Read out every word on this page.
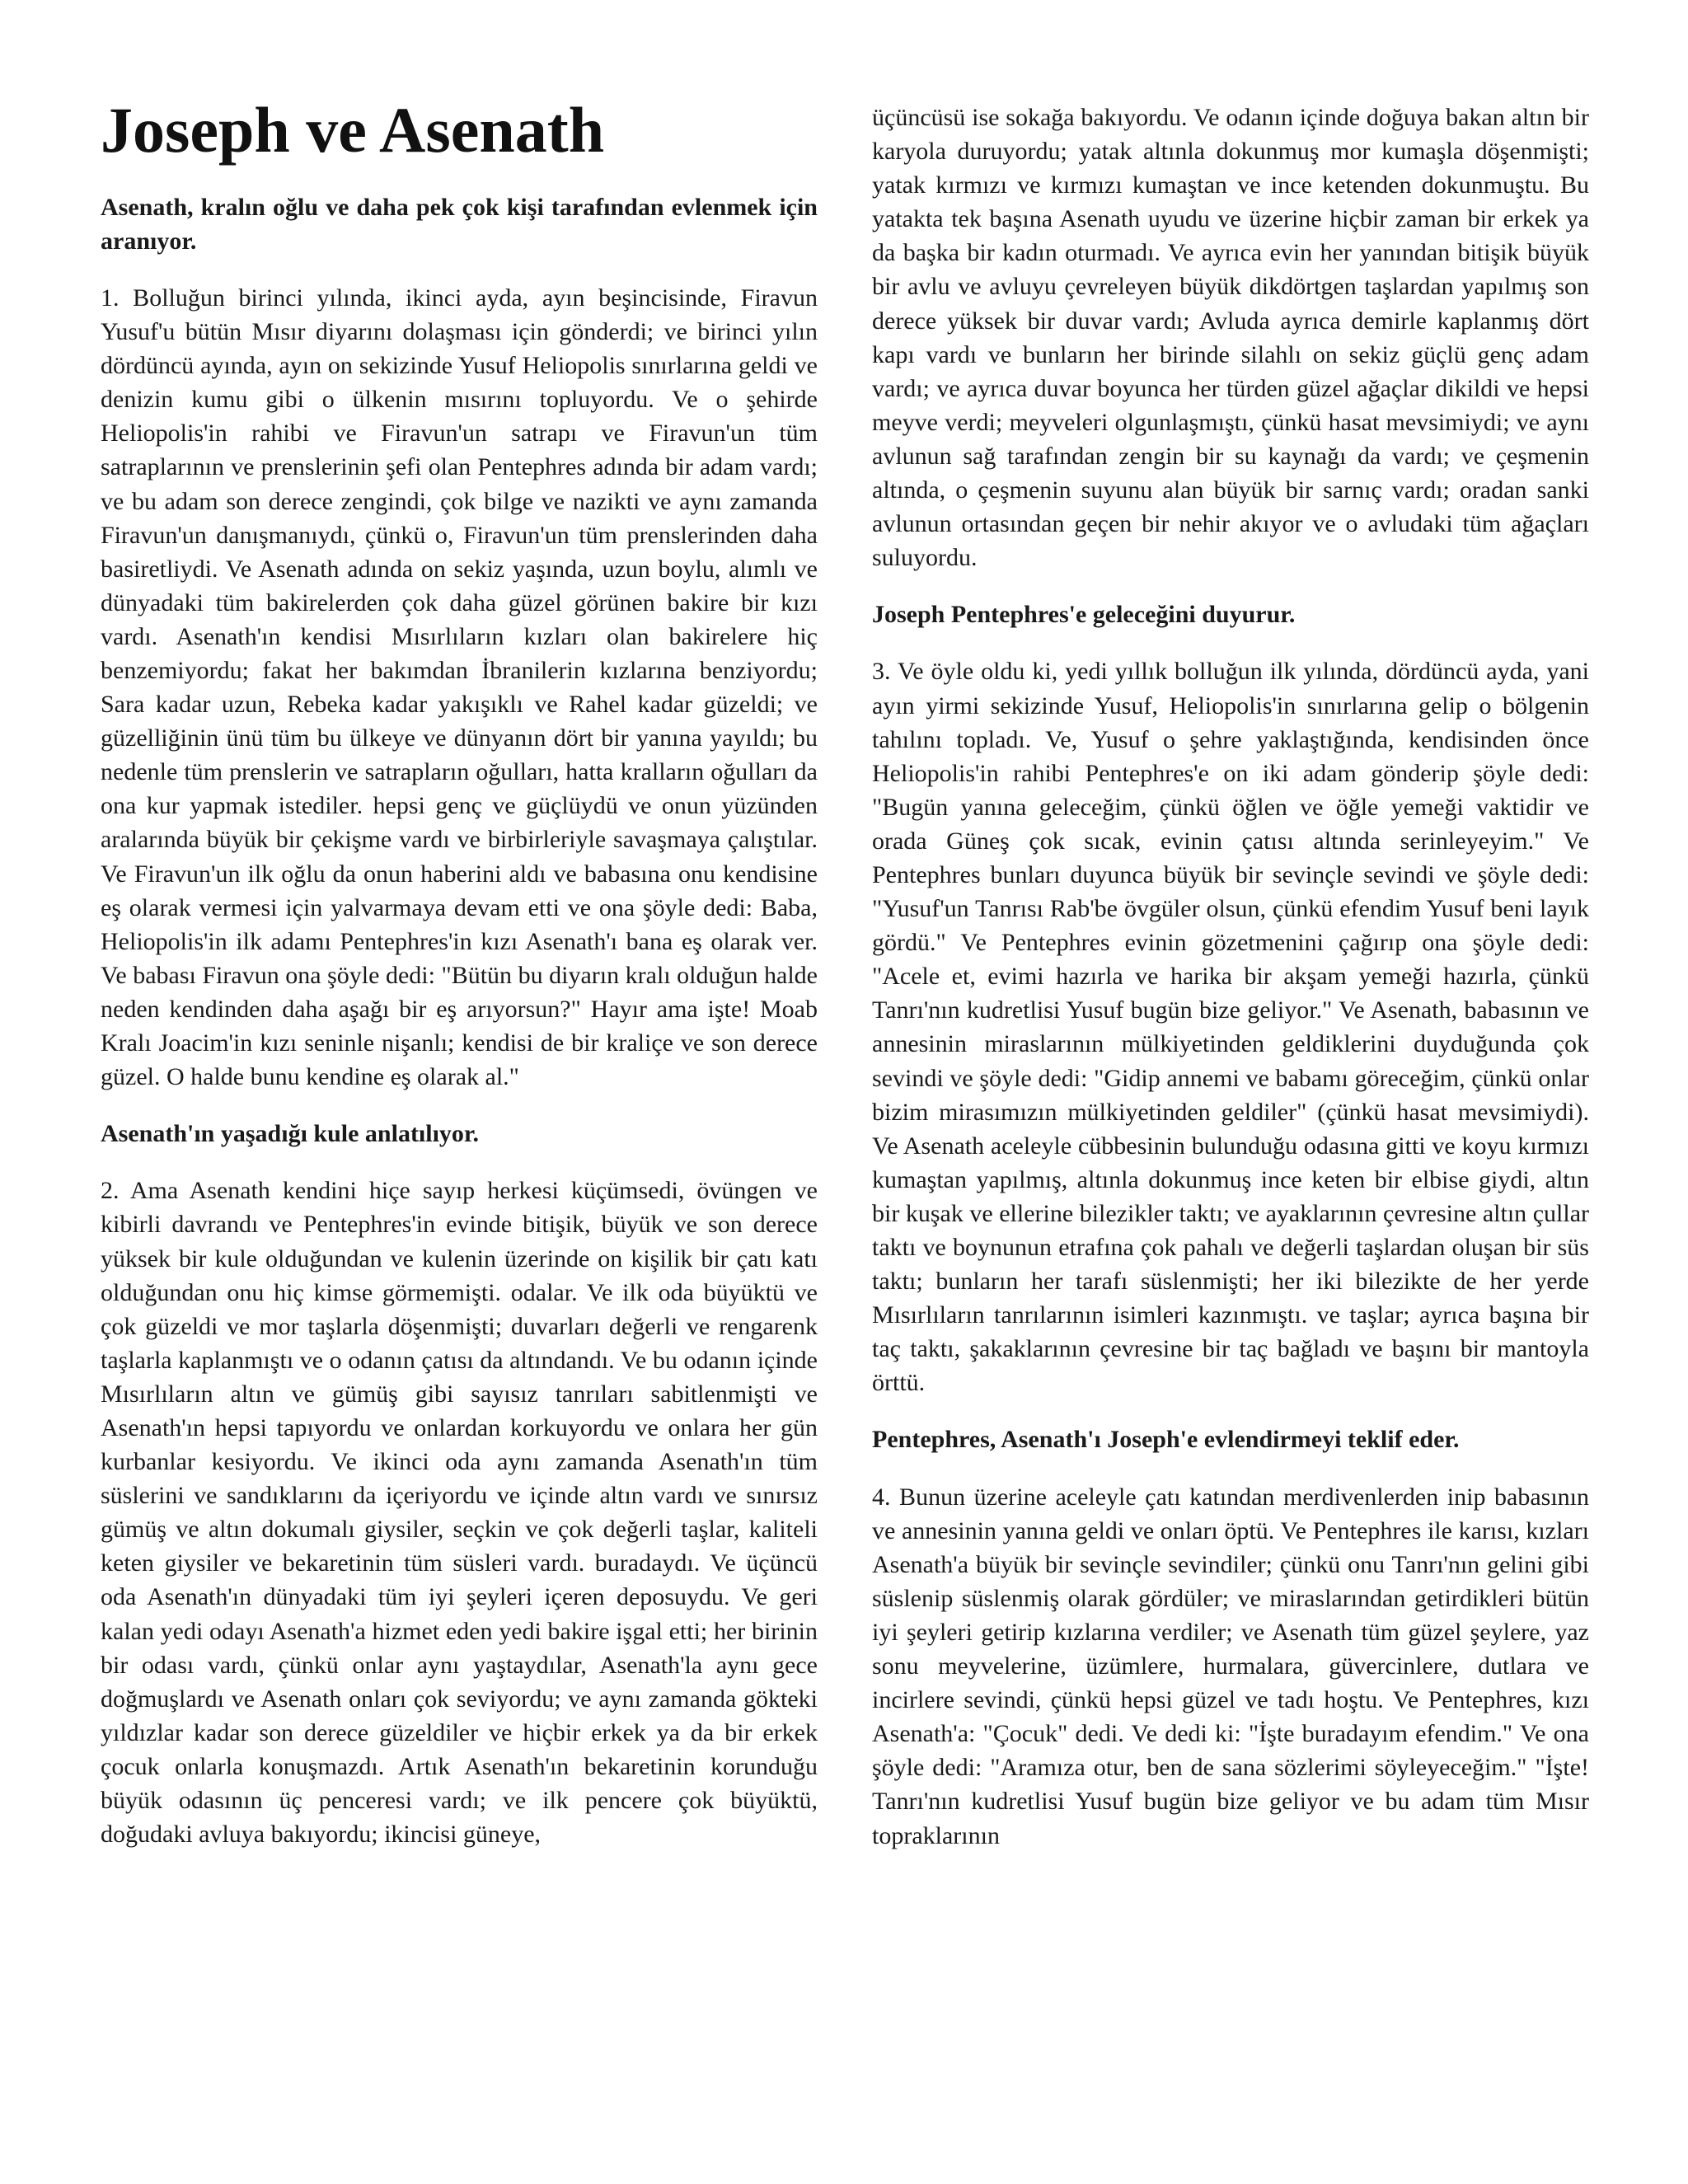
Joseph ve Asenath

Asenath, kralın oğlu ve daha pek çok kişi tarafından evlenmek için aranıyor.

1. Bolluğun birinci yılında, ikinci ayda, ayın beşincisinde, Firavun Yusuf'u bütün Mısır diyarını dolaşması için gönderdi; ve birinci yılın dördüncü ayında, ayın on sekizinde Yusuf Heliopolis sınırlarına geldi ve denizin kumu gibi o ülkenin mısırını topluyordu. Ve o şehirde Heliopolis'in rahibi ve Firavun'un satrapı ve Firavun'un tüm satraplarının ve prenslerinin şefi olan Pentephres adında bir adam vardı; ve bu adam son derece zengindi, çok bilge ve nazikti ve aynı zamanda Firavun'un danışmanıydı, çünkü o, Firavun'un tüm prenslerinden daha basiretliydi. Ve Asenath adında on sekiz yaşında, uzun boylu, alımlı ve dünyadaki tüm bakirelerden çok daha güzel görünen bakire bir kızı vardı. Asenath'ın kendisi Mısırlıların kızları olan bakirelere hiç benzemiyordu; fakat her bakımdan İbranilerin kızlarına benziyordu; Sara kadar uzun, Rebeka kadar yakışıklı ve Rahel kadar güzeldi; ve güzelliğinin ünü tüm bu ülkeye ve dünyanın dört bir yanına yayıldı; bu nedenle tüm prenslerin ve satrapların oğulları, hatta kralların oğulları da ona kur yapmak istediler. hepsi genç ve güçlüydü ve onun yüzünden aralarında büyük bir çekişme vardı ve birbirleriyle savaşmaya çalıştılar. Ve Firavun'un ilk oğlu da onun haberini aldı ve babasına onu kendisine eş olarak vermesi için yalvarmaya devam etti ve ona şöyle dedi: Baba, Heliopolis'in ilk adamı Pentephres'in kızı Asenath'ı bana eş olarak ver. Ve babası Firavun ona şöyle dedi: "Bütün bu diyarın kralı olduğun halde neden kendinden daha aşağı bir eş arıyorsun?" Hayır ama işte! Moab Kralı Joacim'in kızı seninle nişanlı; kendisi de bir kraliçe ve son derece güzel. O halde bunu kendine eş olarak al."

Asenath'ın yaşadığı kule anlatılıyor.

2. Ama Asenath kendini hiçe sayıp herkesi küçümsedi, övüngen ve kibirli davrandı ve Pentephres'in evinde bitişik, büyük ve son derece yüksek bir kule olduğundan ve kulenin üzerinde on kişilik bir çatı katı olduğundan onu hiç kimse görmemişti. odalar. Ve ilk oda büyüktü ve çok güzeldi ve mor taşlarla döşenmişti; duvarları değerli ve rengarenk taşlarla kaplanmıştı ve o odanın çatısı da altındandı. Ve bu odanın içinde Mısırlıların altın ve gümüş gibi sayısız tanrıları sabitlenmişti ve Asenath'ın hepsi tapıyordu ve onlardan korkuyordu ve onlara her gün kurbanlar kesiyordu. Ve ikinci oda aynı zamanda Asenath'ın tüm süslerini ve sandıklarını da içeriyordu ve içinde altın vardı ve sınırsız gümüş ve altın dokumalı giysiler, seçkin ve çok değerli taşlar, kaliteli keten giysiler ve bekaretinin tüm süsleri vardı. buradaydı. Ve üçüncü oda Asenath'ın dünyadaki tüm iyi şeyleri içeren deposuydu. Ve geri kalan yedi odayı Asenath'a hizmet eden yedi bakire işgal etti; her birinin bir odası vardı, çünkü onlar aynı yaştaydılar, Asenath'la aynı gece doğmuşlardı ve Asenath onları çok seviyordu; ve aynı zamanda gökteki yıldızlar kadar son derece güzeldiler ve hiçbir erkek ya da bir erkek çocuk onlarla konuşmazdı. Artık Asenath'ın bekaretinin korunduğu büyük odasının üç penceresi vardı; ve ilk pencere çok büyüktü, doğudaki avluya bakıyordu; ikincisi güneye,

üçüncüsü ise sokağa bakıyordu. Ve odanın içinde doğuya bakan altın bir karyola duruyordu; yatak altınla dokunmuş mor kumaşla döşenmişti; yatak kırmızı ve kırmızı kumaştan ve ince ketenden dokunmuştu. Bu yatakta tek başına Asenath uyudu ve üzerine hiçbir zaman bir erkek ya da başka bir kadın oturmadı. Ve ayrıca evin her yanından bitişik büyük bir avlu ve avluyu çevreleyen büyük dikdörtgen taşlardan yapılmış son derece yüksek bir duvar vardı; Avluda ayrıca demirle kaplanmış dört kapı vardı ve bunların her birinde silahlı on sekiz güçlü genç adam vardı; ve ayrıca duvar boyunca her türden güzel ağaçlar dikildi ve hepsi meyve verdi; meyveleri olgunlaşmıştı, çünkü hasat mevsimiydi; ve aynı avlunun sağ tarafından zengin bir su kaynağı da vardı; ve çeşmenin altında, o çeşmenin suyunu alan büyük bir sarnıç vardı; oradan sanki avlunun ortasından geçen bir nehir akıyor ve o avludaki tüm ağaçları suluyordu.

Joseph Pentephres'e geleceğini duyurur.

3. Ve öyle oldu ki, yedi yıllık bolluğun ilk yılında, dördüncü ayda, yani ayın yirmi sekizinde Yusuf, Heliopolis'in sınırlarına gelip o bölgenin tahılını topladı. Ve, Yusuf o şehre yaklaştığında, kendisinden önce Heliopolis'in rahibi Pentephres'e on iki adam gönderip şöyle dedi: "Bugün yanına geleceğim, çünkü öğlen ve öğle yemeği vaktidir ve orada Güneş çok sıcak, evinin çatısı altında serinleyeyim." Ve Pentephres bunları duyunca büyük bir sevinçle sevindi ve şöyle dedi: "Yusuf'un Tanrısı Rab'be övgüler olsun, çünkü efendim Yusuf beni layık gördü." Ve Pentephres evinin gözetmenini çağırıp ona şöyle dedi: "Acele et, evimi hazırla ve harika bir akşam yemeği hazırla, çünkü Tanrı'nın kudretlisi Yusuf bugün bize geliyor." Ve Asenath, babasının ve annesinin miraslarının mülkiyetinden geldiklerini duyduğunda çok sevindi ve şöyle dedi: "Gidip annemi ve babamı göreceğim, çünkü onlar bizim mirasımızın mülkiyetinden geldiler" (çünkü hasat mevsimiydi). Ve Asenath aceleyle cübbesinin bulunduğu odasına gitti ve koyu kırmızı kumaştan yapılmış, altınla dokunmuş ince keten bir elbise giydi, altın bir kuşak ve ellerine bilezikler taktı; ve ayaklarının çevresine altın çullar taktı ve boynunun etrafına çok pahalı ve değerli taşlardan oluşan bir süs taktı; bunların her tarafı süslenmişti; her iki bilezikte de her yerde Mısırlıların tanrılarının isimleri kazınmıştı. ve taşlar; ayrıca başına bir taç taktı, şakaklarının çevresine bir taç bağladı ve başını bir mantoyla örttü.

Pentephres, Asenath'ı Joseph'e evlendirmeyi teklif eder.

4. Bunun üzerine aceleyle çatı katından merdivenlerden inip babasının ve annesinin yanına geldi ve onları öptü. Ve Pentephres ile karısı, kızları Asenath'a büyük bir sevinçle sevindiler; çünkü onu Tanrı'nın gelini gibi süslenip süslenmiş olarak gördüler; ve miraslarından getirdikleri bütün iyi şeyleri getirip kızlarına verdiler; ve Asenath tüm güzel şeylere, yaz sonu meyvelerine, üzümlere, hurmalara, güvercinlere, dutlara ve incirlere sevindi, çünkü hepsi güzel ve tadı hoştu. Ve Pentephres, kızı Asenath'a: "Çocuk" dedi. Ve dedi ki: "İşte buradayım efendim." Ve ona şöyle dedi: "Aramıza otur, ben de sana sözlerimi söyleyeceğim." "İşte! Tanrı'nın kudretlisi Yusuf bugün bize geliyor ve bu adam tüm Mısır topraklarının
